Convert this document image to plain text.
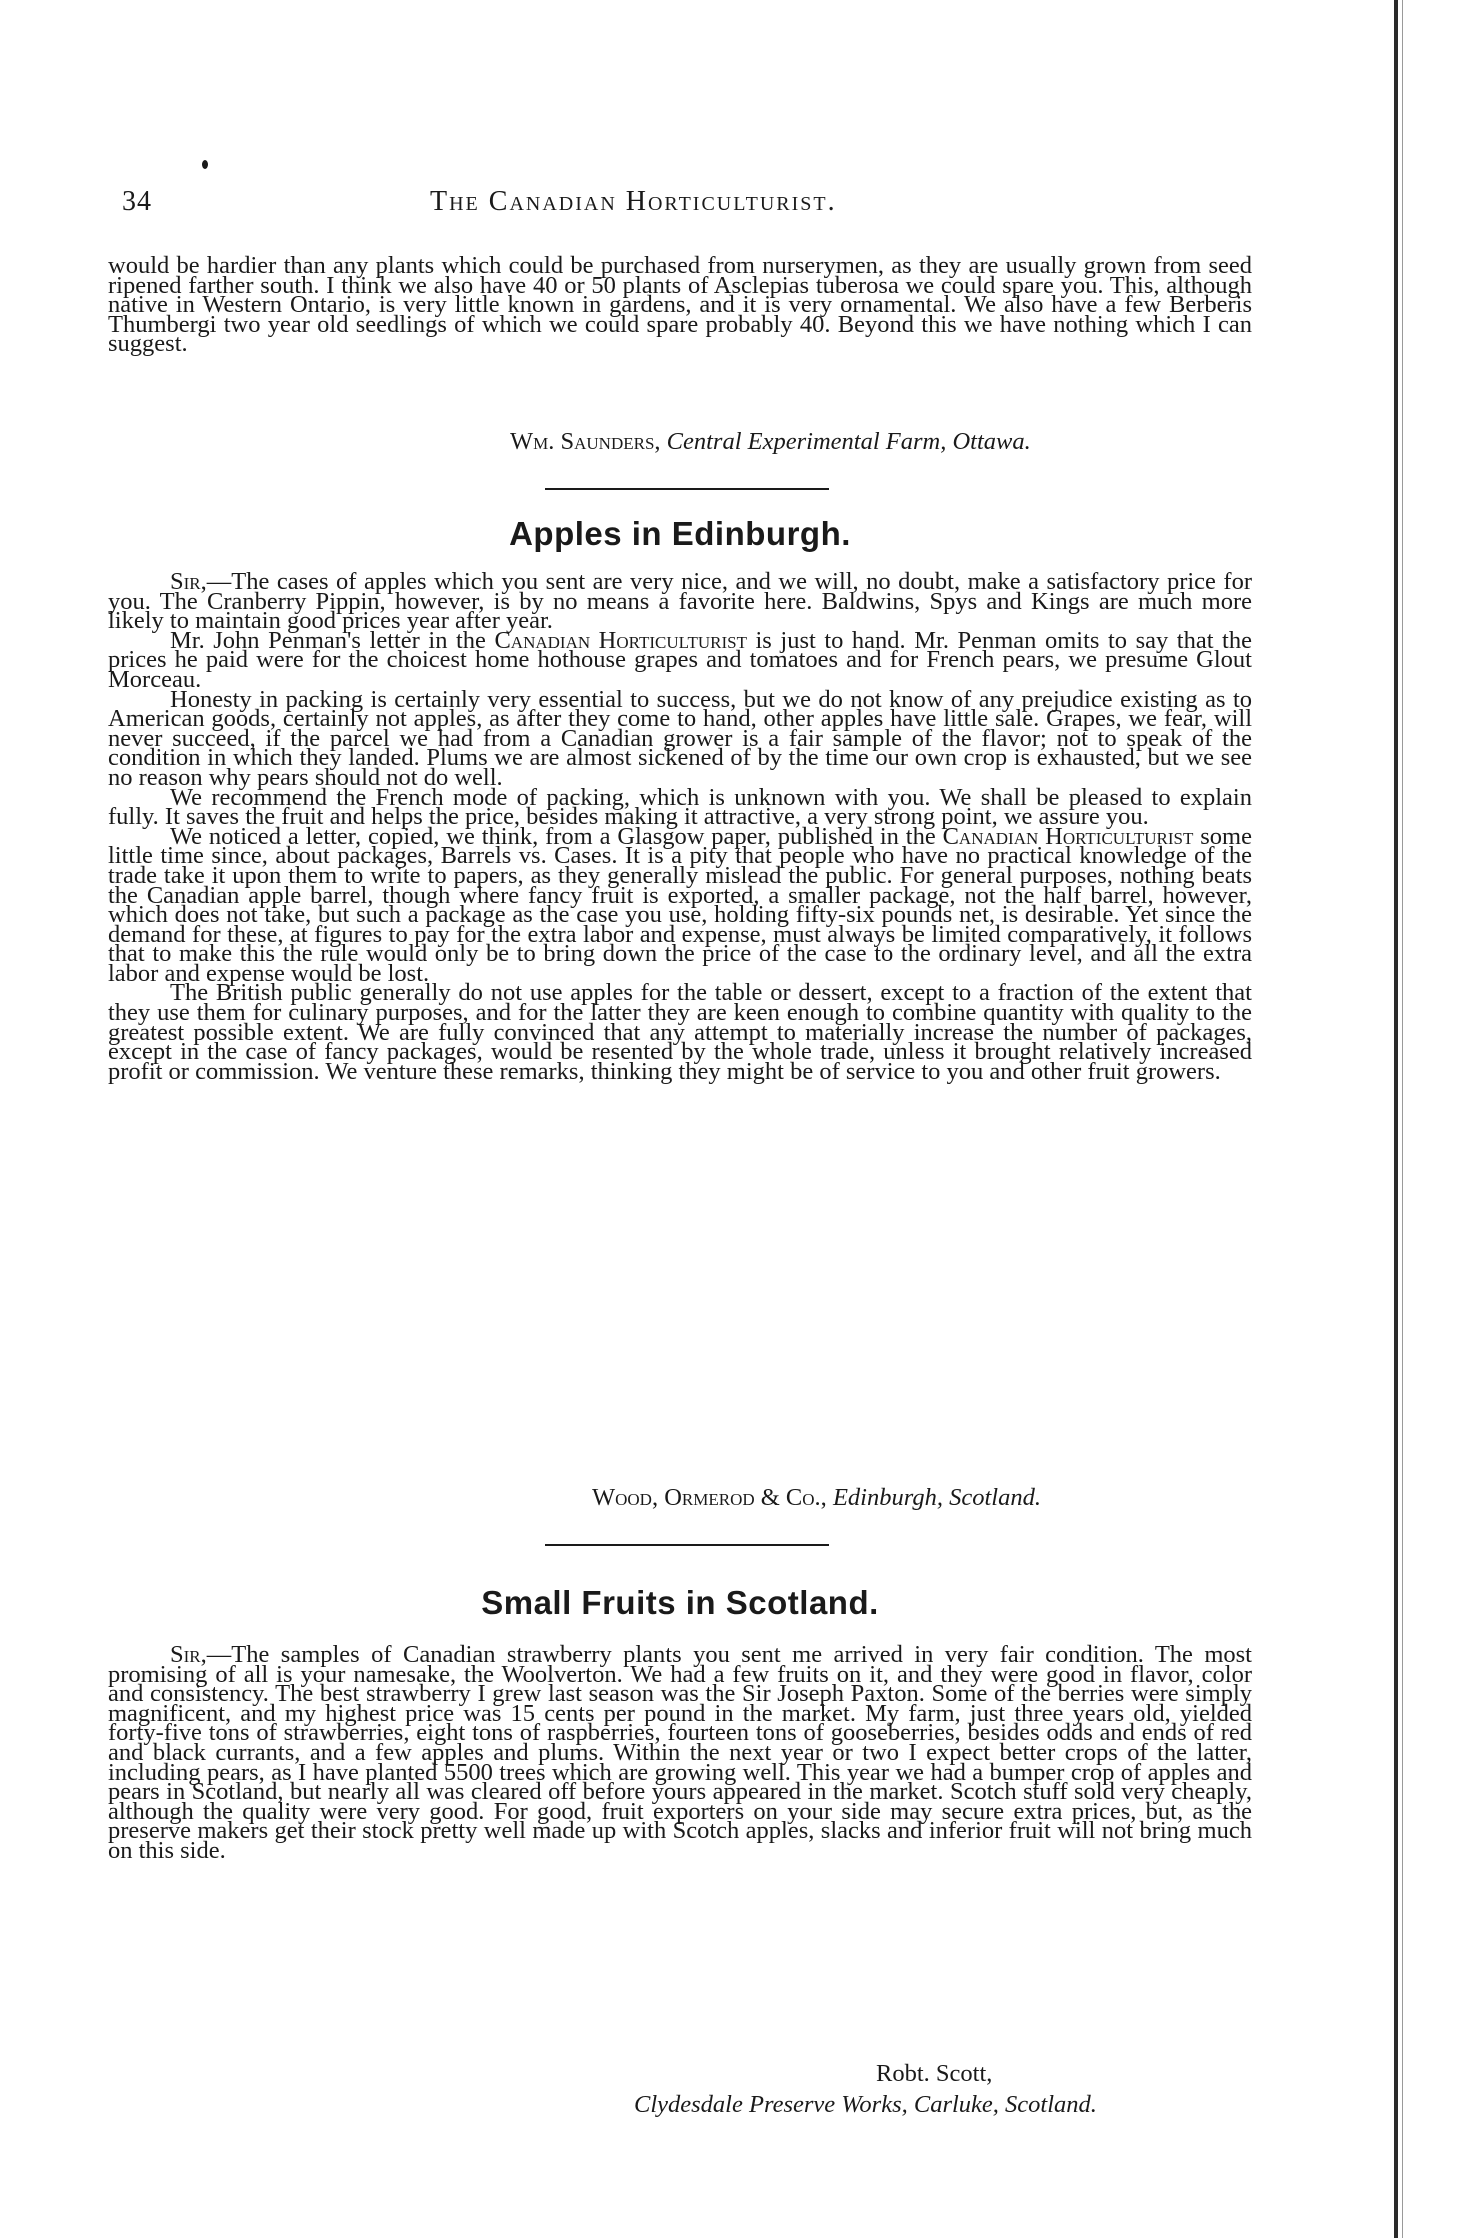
34	The Canadian Horticulturist.

would be hardier than any plants which could be purchased from nurserymen, as they are usually grown from seed ripened farther south. I think we also have 40 or 50 plants of Asclepias tuberosa we could spare you. This, although native in Western Ontario, is very little known in gardens, and it is very ornamental. We also have a few Berberis Thumbergi two year old seedlings of which we could spare probably 40. Beyond this we have nothing which I can suggest.

Wm. Saunders, Central Experimental Farm, Ottawa.
Apples in Edinburgh.

Sir,—The cases of apples which you sent are very nice, and we will, no doubt, make a satisfactory price for you. The Cranberry Pippin, however, is by no means a favorite here. Baldwins, Spys and Kings are much more likely to maintain good prices year after year.

Mr. John Penman's letter in the Canadian Horticulturist is just to hand. Mr. Penman omits to say that the prices he paid were for the choicest home hothouse grapes and tomatoes and for French pears, we presume Glout Morceau.

Honesty in packing is certainly very essential to success, but we do not know of any prejudice existing as to American goods, certainly not apples, as after they come to hand, other apples have little sale. Grapes, we fear, will never succeed, if the parcel we had from a Canadian grower is a fair sample of the flavor; not to speak of the condition in which they landed. Plums we are almost sickened of by the time our own crop is exhausted, but we see no reason why pears should not do well.

We recommend the French mode of packing, which is unknown with you. We shall be pleased to explain fully. It saves the fruit and helps the price, besides making it attractive, a very strong point, we assure you.

We noticed a letter, copied, we think, from a Glasgow paper, published in the Canadian Horticulturist some little time since, about packages, Barrels vs. Cases. It is a pity that people who have no practical knowledge of the trade take it upon them to write to papers, as they generally mislead the public. For general purposes, nothing beats the Canadian apple barrel, though where fancy fruit is exported, a smaller package, not the half barrel, however, which does not take, but such a package as the case you use, holding fifty-six pounds net, is desirable. Yet since the demand for these, at figures to pay for the extra labor and expense, must always be limited comparatively, it follows that to make this the rule would only be to bring down the price of the case to the ordinary level, and all the extra labor and expense would be lost.

The British public generally do not use apples for the table or dessert, except to a fraction of the extent that they use them for culinary purposes, and for the latter they are keen enough to combine quantity with quality to the greatest possible extent. We are fully convinced that any attempt to materially increase the number of packages, except in the case of fancy packages, would be resented by the whole trade, unless it brought relatively increased profit or commission. We venture these remarks, thinking they might be of service to you and other fruit growers.

Wood, Ormerod & Co., Edinburgh, Scotland.
Small Fruits in Scotland.

Sir,—The samples of Canadian strawberry plants you sent me arrived in very fair condition. The most promising of all is your namesake, the Woolverton. We had a few fruits on it, and they were good in flavor, color and consistency. The best strawberry I grew last season was the Sir Joseph Paxton. Some of the berries were simply magnificent, and my highest price was 15 cents per pound in the market. My farm, just three years old, yielded forty-five tons of strawberries, eight tons of raspberries, fourteen tons of gooseberries, besides odds and ends of red and black currants, and a few apples and plums. Within the next year or two I expect better crops of the latter, including pears, as I have planted 5500 trees which are growing well. This year we had a bumper crop of apples and pears in Scotland, but nearly all was cleared off before yours appeared in the market. Scotch stuff sold very cheaply, although the quality were very good. For good, fruit exporters on your side may secure extra prices, but, as the preserve makers get their stock pretty well made up with Scotch apples, slacks and inferior fruit will not bring much on this side.

Robt. Scott,
Clydesdale Preserve Works, Carluke, Scotland.
